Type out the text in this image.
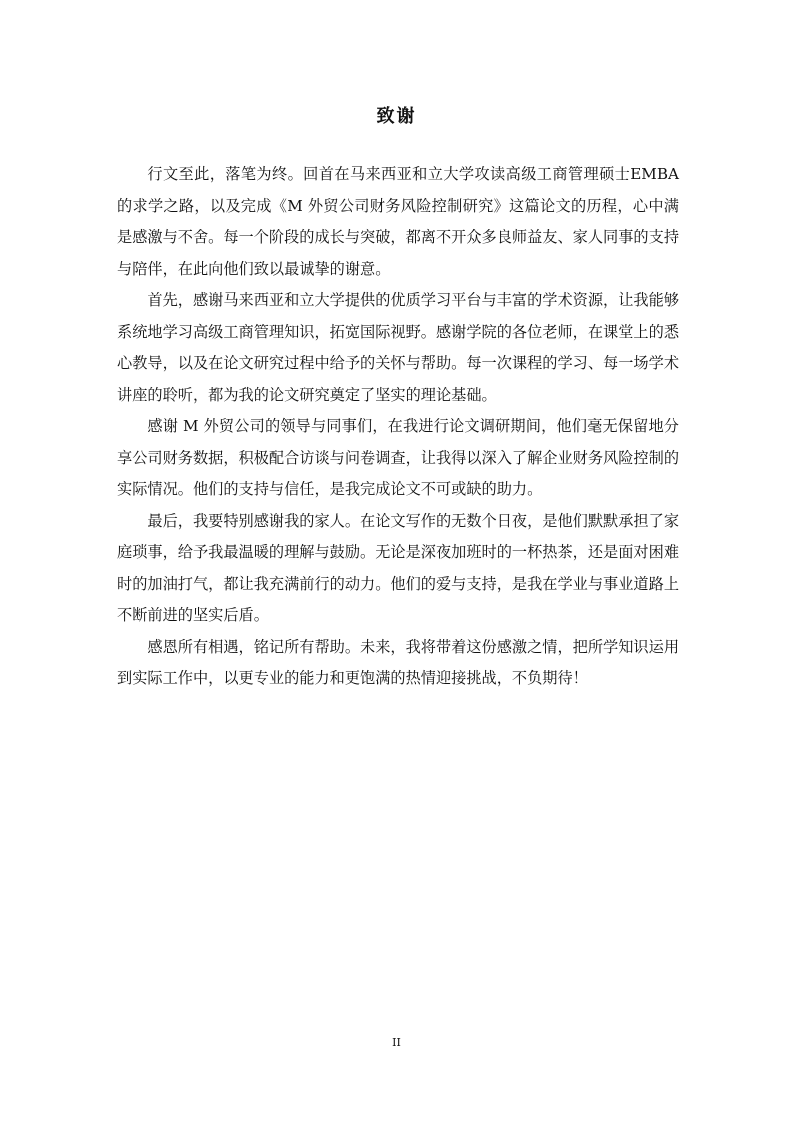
致谢

行文至此，落笔为终。回首在马来西亚和立大学攻读高级工商管理硕士EMBA 的求学之路，以及完成《M 外贸公司财务风险控制研究》这篇论文的历程，心中满是感激与不舍。每一个阶段的成长与突破，都离不开众多良师益友、家人同事的支持与陪伴，在此向他们致以最诚挚的谢意。

首先，感谢马来西亚和立大学提供的优质学习平台与丰富的学术资源，让我能够系统地学习高级工商管理知识，拓宽国际视野。感谢学院的各位老师，在课堂上的悉心教导，以及在论文研究过程中给予的关怀与帮助。每一次课程的学习、每一场学术讲座的聆听，都为我的论文研究奠定了坚实的理论基础。

感谢 M 外贸公司的领导与同事们，在我进行论文调研期间，他们毫无保留地分享公司财务数据，积极配合访谈与问卷调查，让我得以深入了解企业财务风险控制的实际情况。他们的支持与信任，是我完成论文不可或缺的助力。

最后，我要特别感谢我的家人。在论文写作的无数个日夜，是他们默默承担了家庭琐事，给予我最温暖的理解与鼓励。无论是深夜加班时的一杯热茶，还是面对困难时的加油打气，都让我充满前行的动力。他们的爱与支持，是我在学业与事业道路上不断前进的坚实后盾。

感恩所有相遇，铭记所有帮助。未来，我将带着这份感激之情，把所学知识运用到实际工作中，以更专业的能力和更饱满的热情迎接挑战，不负期待！

II
